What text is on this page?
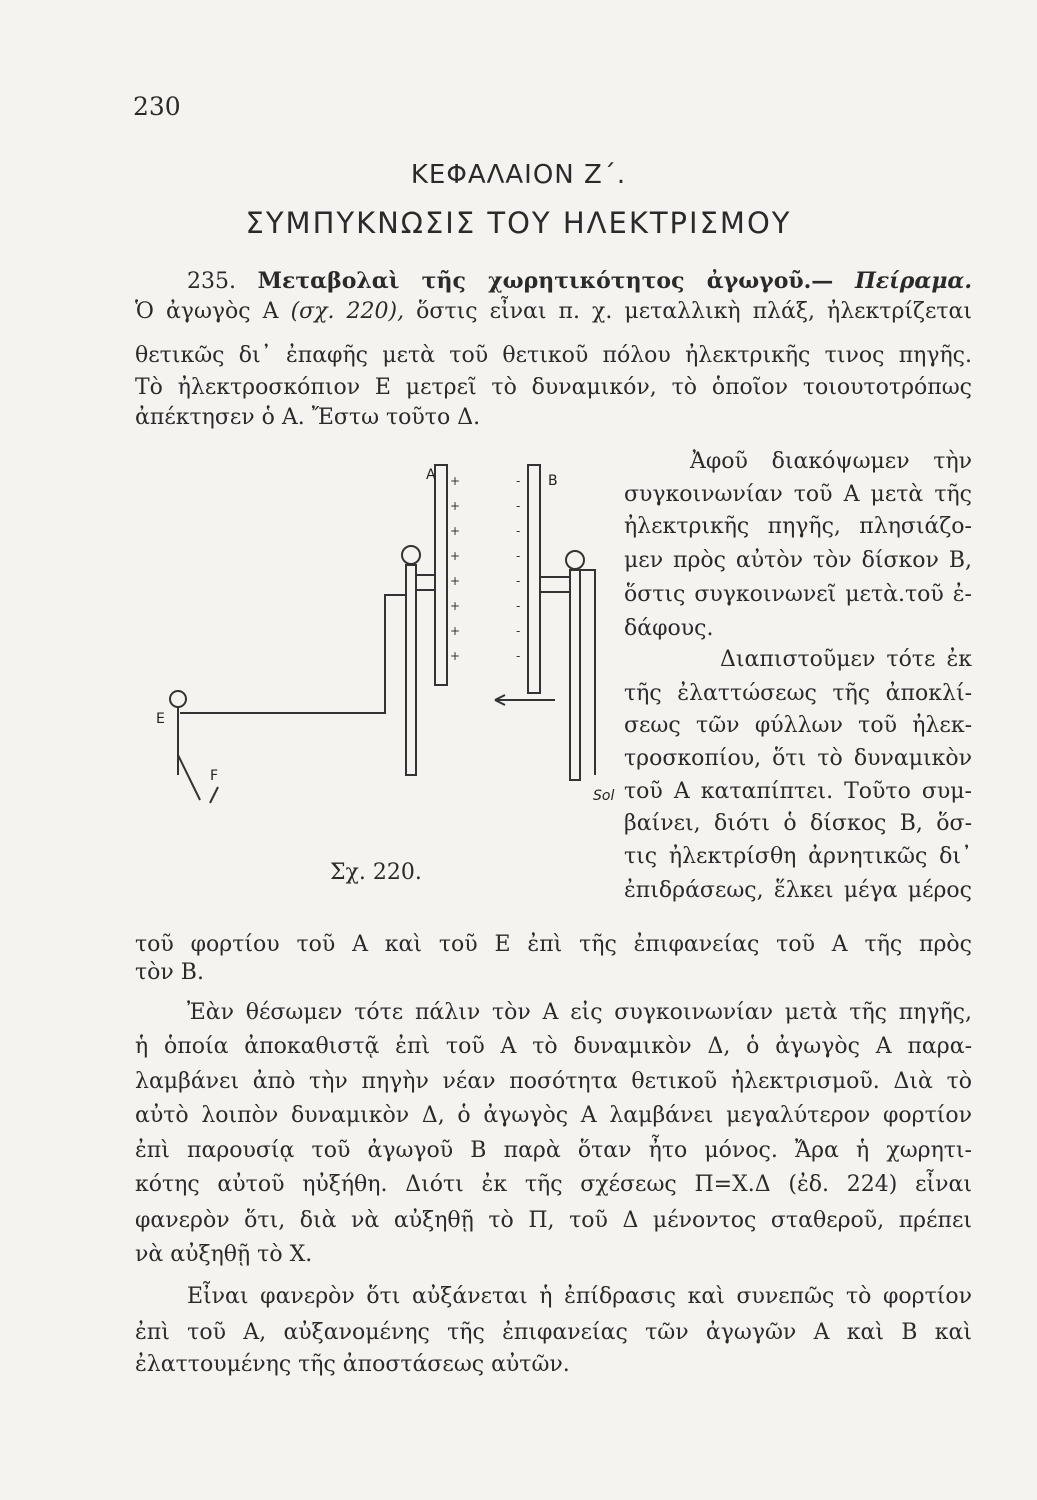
230
ΚΕΦΑΛΑΙΟΝ Ζ΄.
ΣΥΜΠΥΚΝΩΣΙΣ ΤΟΥ ΗΛΕΚΤΡΙΣΜΟΥ
235. Μεταβολαὶ τῆς χωρητικότητος ἀγωγοῦ.— Πείραμα.
Ὁ ἀγωγὸς Α (σχ. 220), ὅστις εἶναι π. χ. μεταλλικὴ πλάξ, ἠλεκτρίζεται
θετικῶς δι᾽ ἐπαφῆς μετὰ τοῦ θετικοῦ πόλου ἠλεκτρικῆς τινος πηγῆς.
Τὸ ἠλεκτροσκόπιον Ε μετρεῖ τὸ δυναμικόν, τὸ ὁποῖον τοιουτοτρόπως
ἀπέκτησεν ὁ Α. Ἔστω τοῦτο Δ.
+
+
+
+
+
+
+
+
-
-
-
-
-
-
-
-
A	B
E
F
Sol
Σχ. 220.
Ἀφοῦ διακόψωμεν τὴν
συγκοινωνίαν τοῦ Α μετὰ τῆς
ἠλεκτρικῆς πηγῆς, πλησιάζο-
μεν πρὸς αὐτὸν τὸν δίσκον Β,
ὅστις συγκοινωνεῖ μετὰ.τοῦ ἐ-
δάφους.
Διαπιστοῦμεν τότε ἐκ
τῆς ἐλαττώσεως τῆς ἀποκλί-
σεως τῶν φύλλων τοῦ ἠλεκ-
τροσκοπίου, ὅτι τὸ δυναμικὸν
τοῦ Α καταπίπτει. Τοῦτο συμ-
βαίνει, διότι ὁ δίσκος Β, ὅσ-
τις ἠλεκτρίσθη ἀρνητικῶς δι᾽
ἐπιδράσεως, ἕλκει μέγα μέρος
τοῦ φορτίου τοῦ Α καὶ τοῦ Ε ἐπὶ τῆς ἐπιφανείας τοῦ Α τῆς πρὸς
τὸν Β.
Ἐὰν θέσωμεν τότε πάλιν τὸν Α εἰς συγκοινωνίαν μετὰ τῆς πηγῆς,
ἡ ὁποία ἀποκαθιστᾷ ἐπὶ τοῦ Α τὸ δυναμικὸν Δ, ὁ ἀγωγὸς Α παρα-
λαμβάνει ἀπὸ τὴν πηγὴν νέαν ποσότητα θετικοῦ ἠλεκτρισμοῦ. Διὰ τὸ
αὐτὸ λοιπὸν δυναμικὸν Δ, ὁ ἀγωγὸς Α λαμβάνει μεγαλύτερον φορτίον
ἐπὶ παρουσίᾳ τοῦ ἀγωγοῦ Β παρὰ ὅταν ἦτο μόνος. Ἄρα ἡ χωρητι-
κότης αὐτοῦ ηὐξήθη. Διότι ἐκ τῆς σχέσεως Π=Χ.Δ (ἐδ. 224) εἶναι
φανερὸν ὅτι, διὰ νὰ αὐξηθῇ τὸ Π, τοῦ Δ μένοντος σταθεροῦ, πρέπει
νὰ αὐξηθῇ τὸ Χ.
Εἶναι φανερὸν ὅτι αὐξάνεται ἡ ἐπίδρασις καὶ συνεπῶς τὸ φορτίον
ἐπὶ τοῦ Α, αὐξανομένης τῆς ἐπιφανείας τῶν ἀγωγῶν Α καὶ Β καὶ
ἐλαττουμένης τῆς ἀποστάσεως αὐτῶν.
